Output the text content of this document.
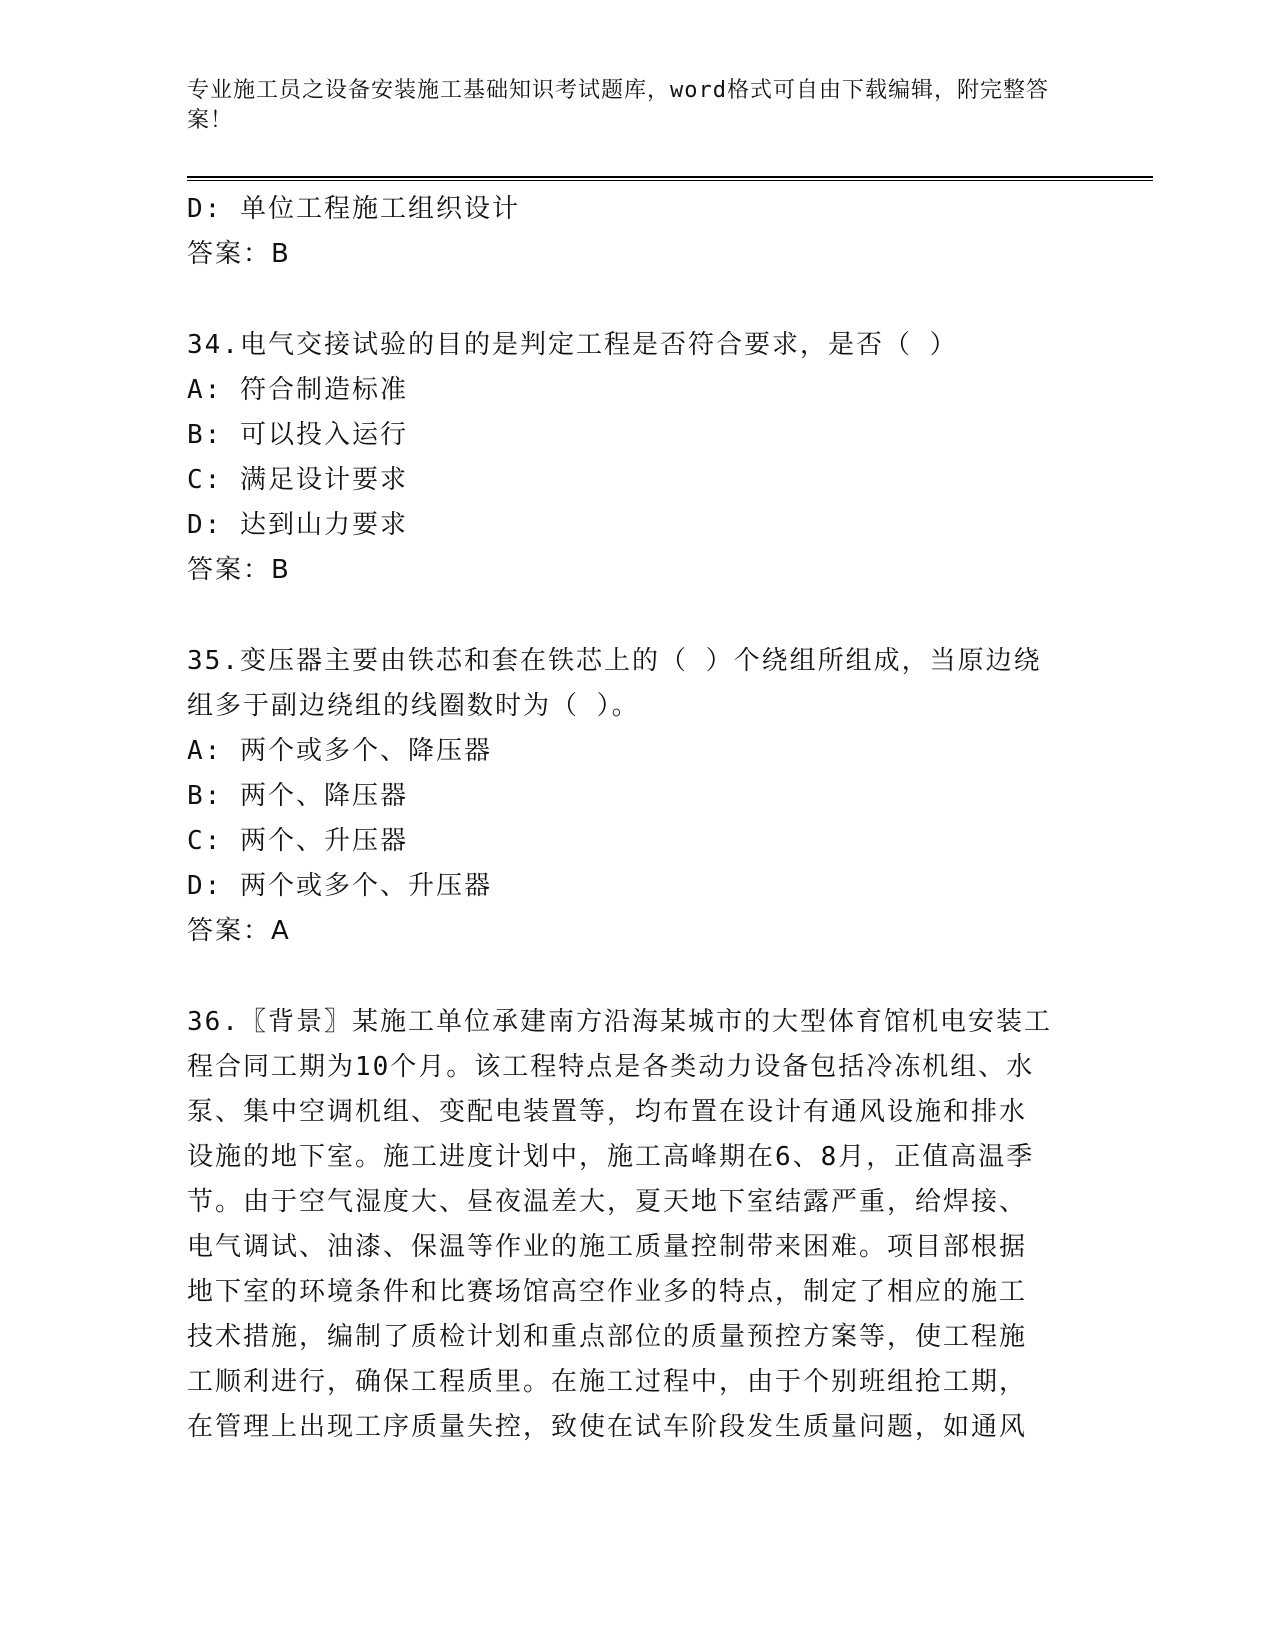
专业施工员之设备安装施工基础知识考试题库，word格式可自由下载编辑，附完整答案！
D: 单位工程施工组织设计
答案：B
34.电气交接试验的目的是判定工程是否符合要求，是否（ ）
A: 符合制造标准
B: 可以投入运行
C: 满足设计要求
D: 达到山力要求
答案：B
35.变压器主要由铁芯和套在铁芯上的（ ）个绕组所组成，当原边绕
组多于副边绕组的线圈数时为（ ）。
A: 两个或多个、降压器
B: 两个、降压器
C: 两个、升压器
D: 两个或多个、升压器
答案：A
36.〖背景〗某施工单位承建南方沿海某城市的大型体育馆机电安装工
程合同工期为10个月。该工程特点是各类动力设备包括冷冻机组、水
泵、集中空调机组、变配电装置等，均布置在设计有通风设施和排水
设施的地下室。施工进度计划中，施工高峰期在6、8月，正值高温季
节。由于空气湿度大、昼夜温差大，夏天地下室结露严重，给焊接、
电气调试、油漆、保温等作业的施工质量控制带来困难。项目部根据
地下室的环境条件和比赛场馆高空作业多的特点，制定了相应的施工
技术措施，编制了质检计划和重点部位的质量预控方案等，使工程施
工顺利进行，确保工程质里。在施工过程中，由于个别班组抢工期，
在管理上出现工序质量失控，致使在试车阶段发生质量问题，如通风
